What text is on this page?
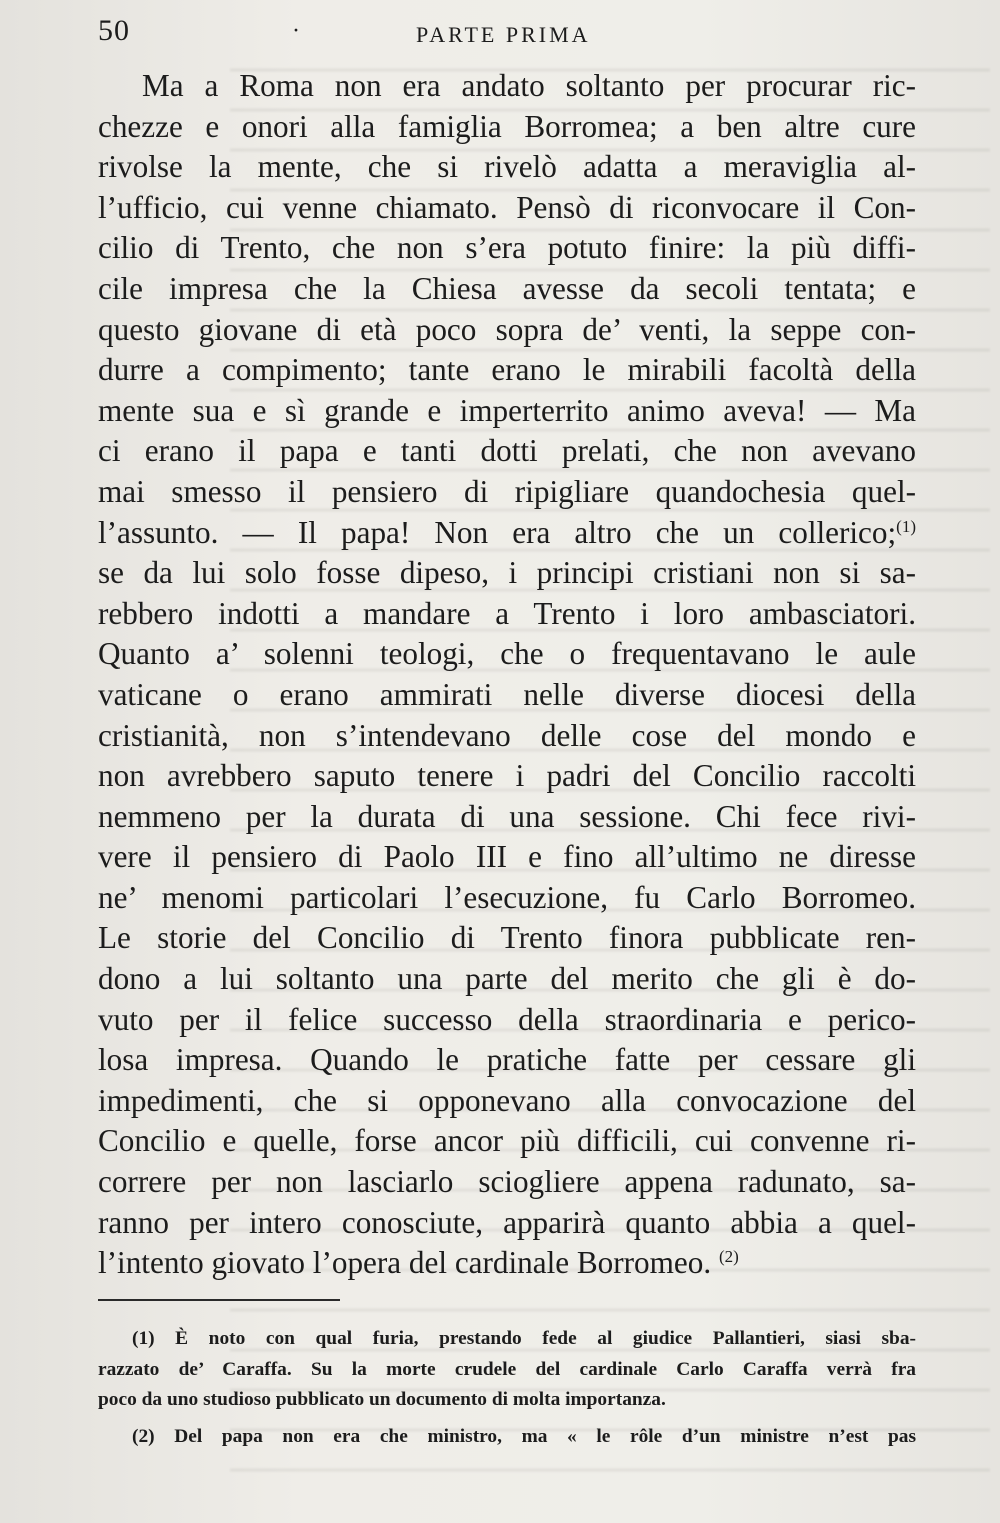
50	·	PARTE PRIMA
Ma a Roma non era andato soltanto per procurar ric-
chezze e onori alla famiglia Borromea; a ben altre cure
rivolse la mente, che si rivelò adatta a meraviglia al-
l’ufficio, cui venne chiamato. Pensò di riconvocare il Con-
cilio di Trento, che non s’era potuto finire: la più diffi-
cile impresa che la Chiesa avesse da secoli tentata; e
questo giovane di età poco sopra de’ venti, la seppe con-
durre a compimento; tante erano le mirabili facoltà della
mente sua e sì grande e imperterrito animo aveva! — Ma
ci erano il papa e tanti dotti prelati, che non avevano
mai smesso il pensiero di ripigliare quandochesia quel-
l’assunto. — Il papa! Non era altro che un collerico;$^{(1)}$
se da lui solo fosse dipeso, i principi cristiani non si sa-
rebbero indotti a mandare a Trento i loro ambasciatori.
Quanto a’ solenni teologi, che o frequentavano le aule
vaticane o erano ammirati nelle diverse diocesi della
cristianità, non s’intendevano delle cose del mondo e
non avrebbero saputo tenere i padri del Concilio raccolti
nemmeno per la durata di una sessione. Chi fece rivi-
vere il pensiero di Paolo III e fino all’ultimo ne diresse
ne’ menomi particolari l’esecuzione, fu Carlo Borromeo.
Le storie del Concilio di Trento finora pubblicate ren-
dono a lui soltanto una parte del merito che gli è do-
vuto per il felice successo della straordinaria e perico-
losa impresa. Quando le pratiche fatte per cessare gli
impedimenti, che si opponevano alla convocazione del
Concilio e quelle, forse ancor più difficili, cui convenne ri-
correre per non lasciarlo sciogliere appena radunato, sa-
ranno per intero conosciute, apparirà quanto abbia a quel-
l’intento giovato l’opera del cardinale Borromeo. $^{(2)}$
(1) È noto con qual furia, prestando fede al giudice Pallantieri, siasi sba-
razzato de’ Caraffa. Su la morte crudele del cardinale Carlo Caraffa verrà fra
poco da uno studioso pubblicato un documento di molta importanza.
(2) Del papa non era che ministro, ma « le rôle d’un ministre n’est pas
